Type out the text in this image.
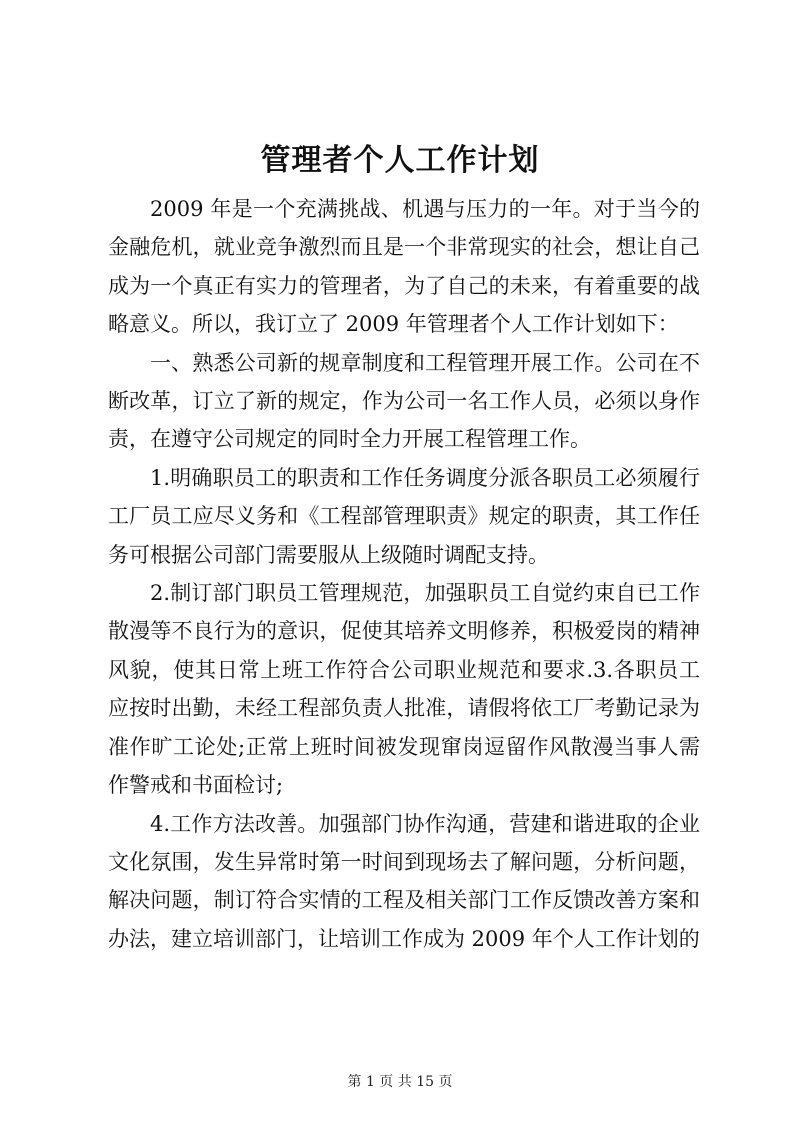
管理者个人工作计划

2009 年是一个充满挑战、机遇与压力的一年。对于当今的金融危机，就业竞争激烈而且是一个非常现实的社会，想让自己成为一个真正有实力的管理者，为了自己的未来，有着重要的战略意义。所以，我订立了 2009 年管理者个人工作计划如下：

一、熟悉公司新的规章制度和工程管理开展工作。公司在不断改革，订立了新的规定，作为公司一名工作人员，必须以身作责，在遵守公司规定的同时全力开展工程管理工作。

1.明确职员工的职责和工作任务调度分派各职员工必须履行工厂员工应尽义务和《工程部管理职责》规定的职责，其工作任务可根据公司部门需要服从上级随时调配支持。

2.制订部门职员工管理规范，加强职员工自觉约束自已工作散漫等不良行为的意识，促使其培养文明修养，积极爱岗的精神风貌，使其日常上班工作符合公司职业规范和要求.3.各职员工应按时出勤，未经工程部负责人批准，请假将依工厂考勤记录为准作旷工论处;正常上班时间被发现窜岗逗留作风散漫当事人需作警戒和书面检讨;

4.工作方法改善。加强部门协作沟通，营建和谐进取的企业文化氛围，发生异常时第一时间到现场去了解问题，分析问题，解决问题，制订符合实情的工程及相关部门工作反馈改善方案和办法，建立培训部门，让培训工作成为 2009 年个人工作计划的

第 1 页 共 15 页
